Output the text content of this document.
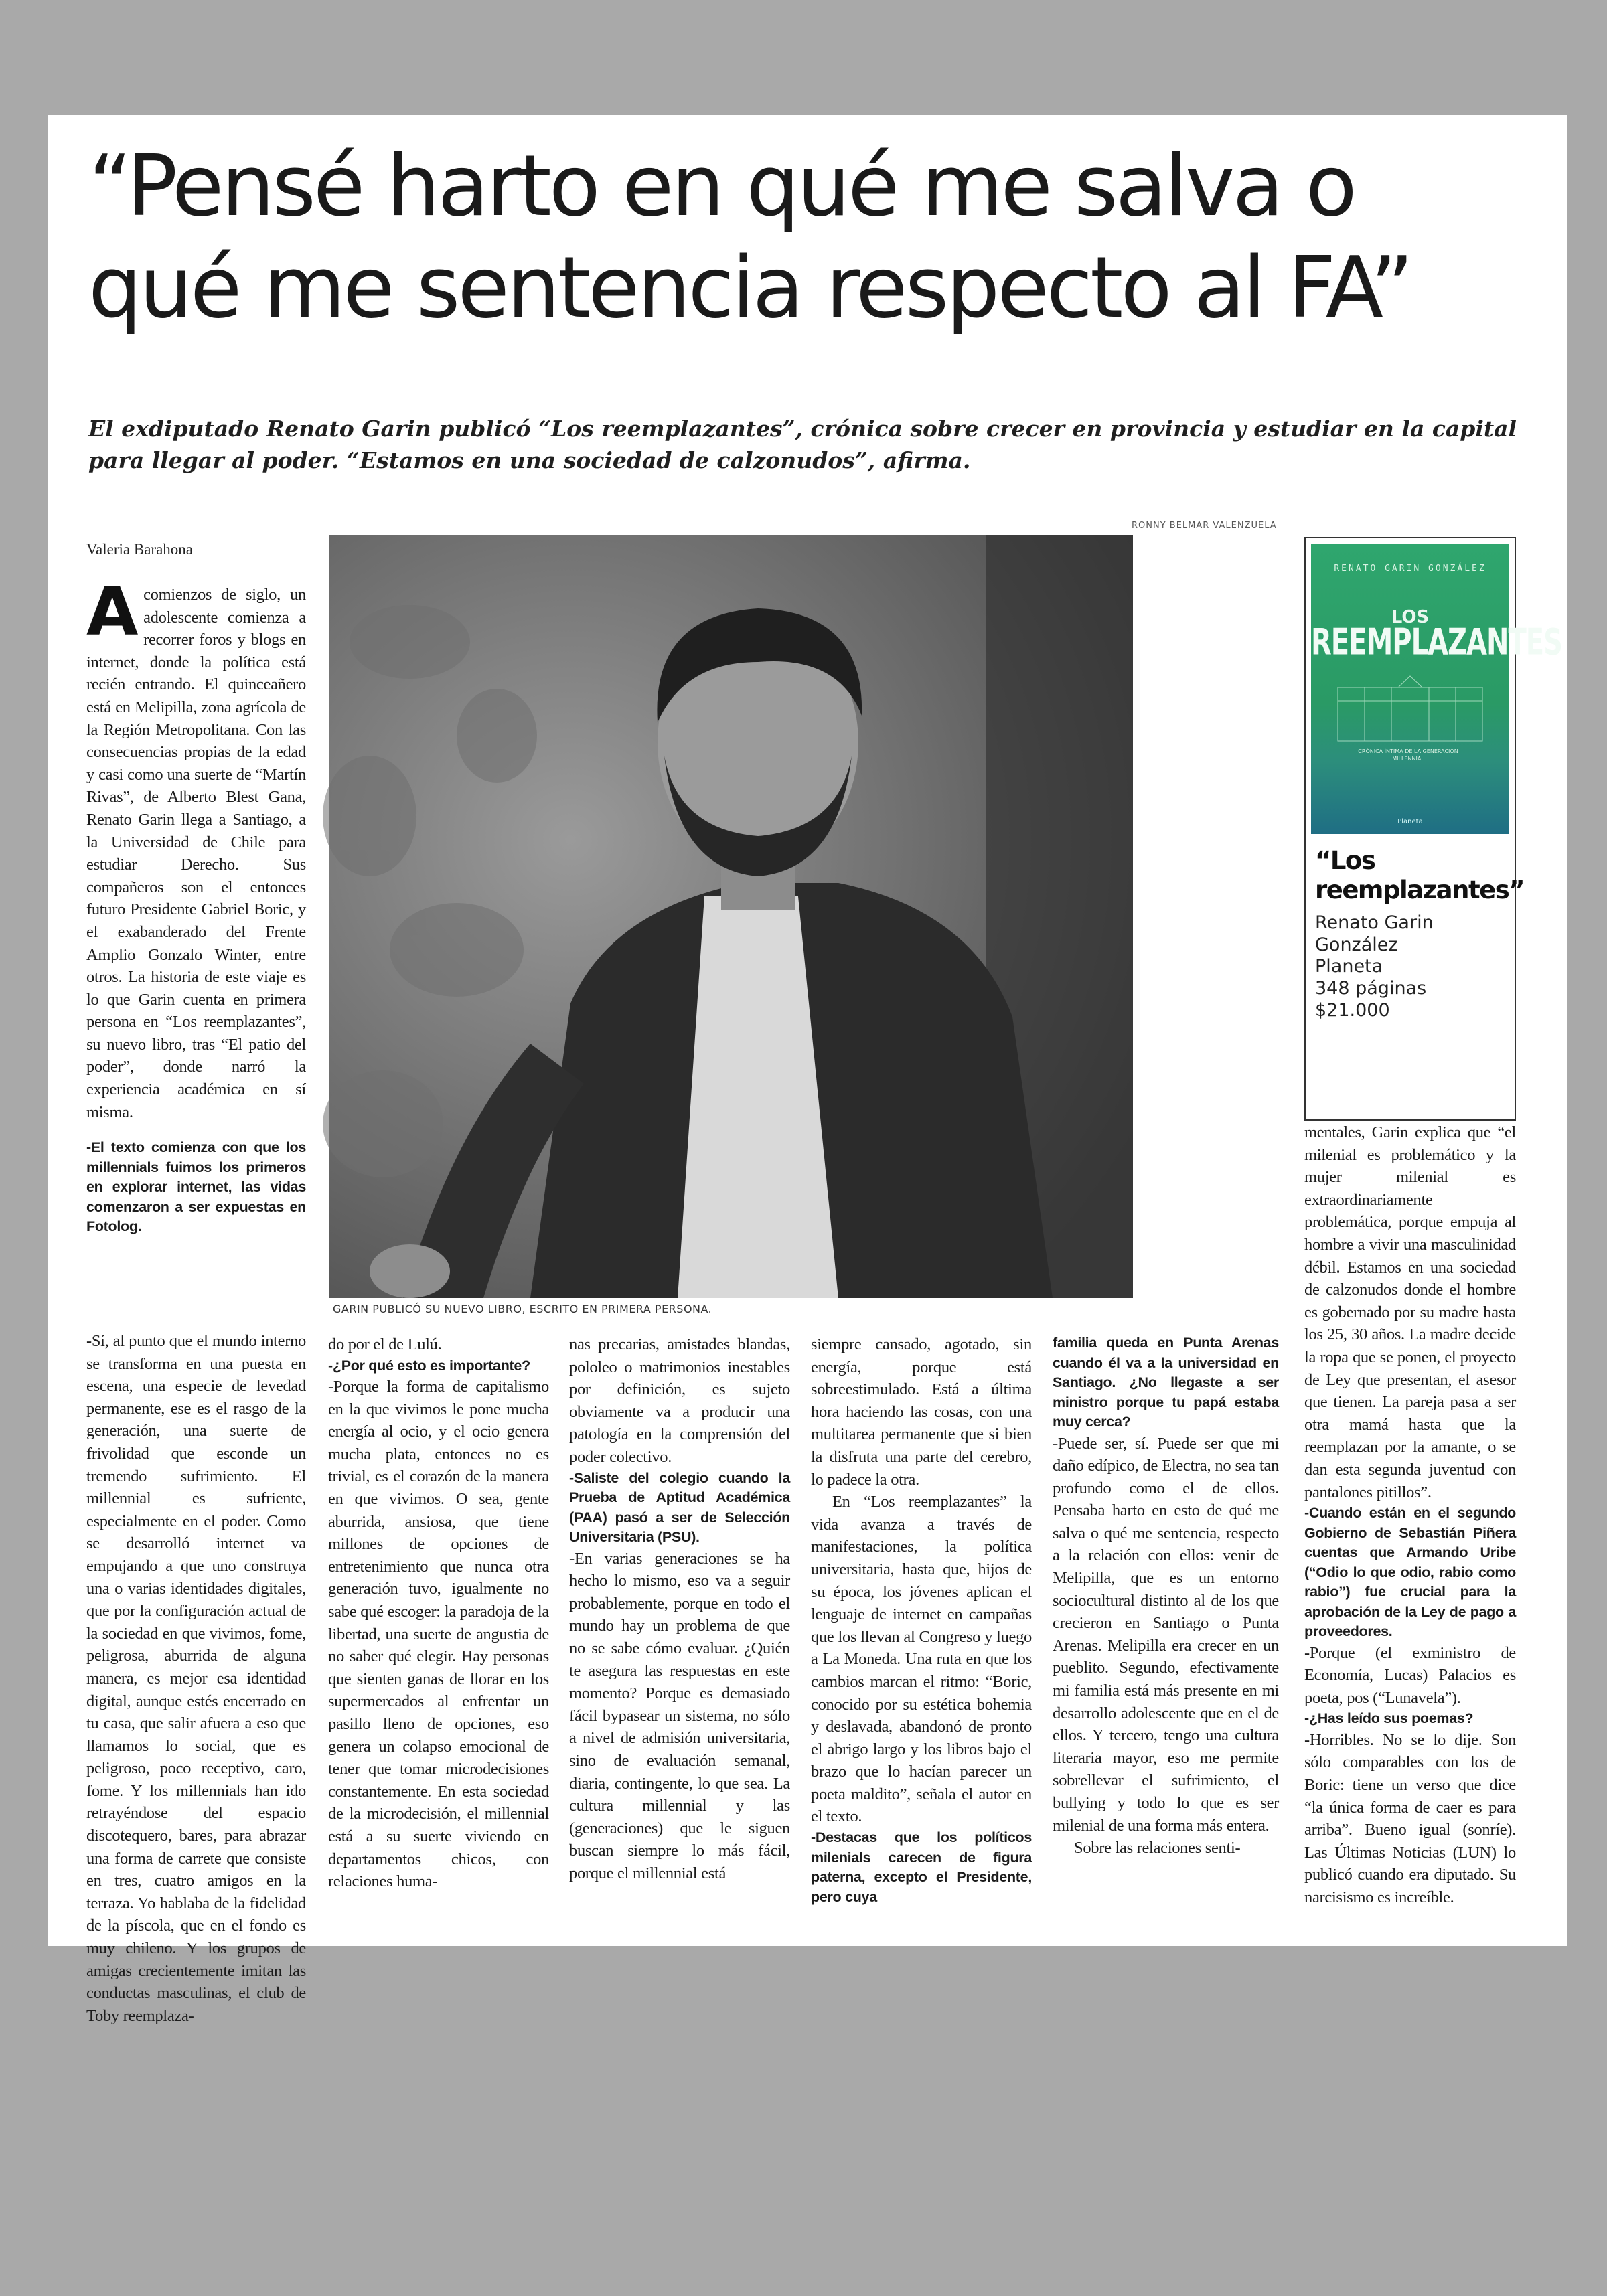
“Pensé harto en qué me salva o
qué me sentencia respecto al FA”

El exdiputado Renato Garin publicó “Los reemplazantes”, crónica sobre crecer en provincia y estudiar en la capital para llegar al poder. “Estamos en una sociedad de calzonudos”, afirma.

RONNY BELMAR VALENZUELA
Valeria Barahona

Acomienzos de siglo, un adolescente comienza a recorrer foros y blogs en internet, donde la política está recién entrando. El quinceañero está en Melipilla, zona agrícola de la Región Metropolitana. Con las consecuencias propias de la edad y casi como una suerte de “Martín Rivas”, de Alberto Blest Gana, Renato Garin llega a Santiago, a la Universidad de Chile para estudiar Derecho. Sus compañeros son el entonces futuro Presidente Gabriel Boric, y el exabanderado del Frente Amplio Gonzalo Winter, entre otros. La historia de este viaje es lo que Garin cuenta en primera persona en “Los reemplazantes”, su nuevo libro, tras “El patio del poder”, donde narró la experiencia académica en sí misma.

-El texto comienza con que los millennials fuimos los primeros en explorar internet, las vidas comenzaron a ser expuestas en Fotolog.

GARIN PUBLICÓ SU NUEVO LIBRO, ESCRITO EN PRIMERA PERSONA.
RENATO GARIN GONZÁLEZ
LOS
REEMPLAZANTES
CRÓNICA ÍNTIMA DE LA GENERACIÓN MILLENNIAL
Planeta
“Los reemplazantes”
Renato Garin González
Planeta
348 páginas
$21.000

mentales, Garin explica que “el milenial es problemático y la mujer milenial es extraordinariamente problemática, porque empuja al hombre a vivir una masculinidad débil. Estamos en una sociedad de calzonudos donde el hombre es gobernado por su madre hasta los 25, 30 años. La madre decide la ropa que se ponen, el proyecto de Ley que presentan, el asesor que tienen. La pareja pasa a ser otra mamá hasta que la reemplazan por la amante, o se dan esta segunda juventud con pantalones pitillos”.

-Cuando están en el segundo Gobierno de Sebastián Piñera cuentas que Armando Uribe (“Odio lo que odio, rabio como rabio”) fue crucial para la aprobación de la Ley de pago a proveedores.

-Porque (el exministro de Economía, Lucas) Palacios es poeta, pos (“Lunavela”).

-¿Has leído sus poemas?

-Horribles. No se lo dije. Son sólo comparables con los de Boric: tiene un verso que dice “la única forma de caer es para arriba”. Bueno igual (sonríe). Las Últimas Noticias (LUN) lo publicó cuando era diputado. Su narcisismo es increíble.

-Sí, al punto que el mundo interno se transforma en una puesta en escena, una especie de levedad permanente, ese es el rasgo de la generación, una suerte de frivolidad que esconde un tremendo sufrimiento. El millennial es sufriente, especialmente en el poder. Como se desarrolló internet va empujando a que uno construya una o varias identidades digitales, que por la configuración actual de la sociedad en que vivimos, fome, peligrosa, aburrida de alguna manera, es mejor esa identidad digital, aunque estés encerrado en tu casa, que salir afuera a eso que llamamos lo social, que es peligroso, poco receptivo, caro, fome. Y los millennials han ido retrayéndose del espacio discotequero, bares, para abrazar una forma de carrete que consiste en tres, cuatro amigos en la terraza. Yo hablaba de la fidelidad de la píscola, que en el fondo es muy chileno. Y los grupos de amigas crecientemente imitan las conductas masculinas, el club de Toby reemplaza-

do por el de Lulú.

-¿Por qué esto es importante?

-Porque la forma de capitalismo en la que vivimos le pone mucha energía al ocio, y el ocio genera mucha plata, entonces no es trivial, es el corazón de la manera en que vivimos. O sea, gente aburrida, ansiosa, que tiene millones de opciones de entretenimiento que nunca otra generación tuvo, igualmente no sabe qué escoger: la paradoja de la libertad, una suerte de angustia de no saber qué elegir. Hay personas que sienten ganas de llorar en los supermercados al enfrentar un pasillo lleno de opciones, eso genera un colapso emocional de tener que tomar microdecisiones constantemente. En esta sociedad de la microdecisión, el millennial está a su suerte viviendo en departamentos chicos, con relaciones huma-

nas precarias, amistades blandas, pololeo o matrimonios inestables por definición, es sujeto obviamente va a producir una patología en la comprensión del poder colectivo.

-Saliste del colegio cuando la Prueba de Aptitud Académica (PAA) pasó a ser de Selección Universitaria (PSU).

-En varias generaciones se ha hecho lo mismo, eso va a seguir probablemente, porque en todo el mundo hay un problema de que no se sabe cómo evaluar. ¿Quién te asegura las respuestas en este momento? Porque es demasiado fácil bypasear un sistema, no sólo a nivel de admisión universitaria, sino de evaluación semanal, diaria, contingente, lo que sea. La cultura millennial y las (generaciones) que le siguen buscan siempre lo más fácil, porque el millennial está

siempre cansado, agotado, sin energía, porque está sobreestimulado. Está a última hora haciendo las cosas, con una multitarea permanente que si bien la disfruta una parte del cerebro, lo padece la otra.

En “Los reemplazantes” la vida avanza a través de manifestaciones, la política universitaria, hasta que, hijos de su época, los jóvenes aplican el lenguaje de internet en campañas que los llevan al Congreso y luego a La Moneda. Una ruta en que los cambios marcan el ritmo: “Boric, conocido por su estética bohemia y deslavada, abandonó de pronto el abrigo largo y los libros bajo el brazo que lo hacían parecer un poeta maldito”, señala el autor en el texto.

-Destacas que los políticos milenials carecen de figura paterna, excepto el Presidente, pero cuya

familia queda en Punta Arenas cuando él va a la universidad en Santiago. ¿No llegaste a ser ministro porque tu papá estaba muy cerca?

-Puede ser, sí. Puede ser que mi daño edípico, de Electra, no sea tan profundo como el de ellos. Pensaba harto en esto de qué me salva o qué me sentencia, respecto a la relación con ellos: venir de Melipilla, que es un entorno sociocultural distinto al de los que crecieron en Santiago o Punta Arenas. Melipilla era crecer en un pueblito. Segundo, efectivamente mi familia está más presente en mi desarrollo adolescente que en el de ellos. Y tercero, tengo una cultura literaria mayor, eso me permite sobrellevar el sufrimiento, el bullying y todo lo que es ser milenial de una forma más entera.

Sobre las relaciones senti-
